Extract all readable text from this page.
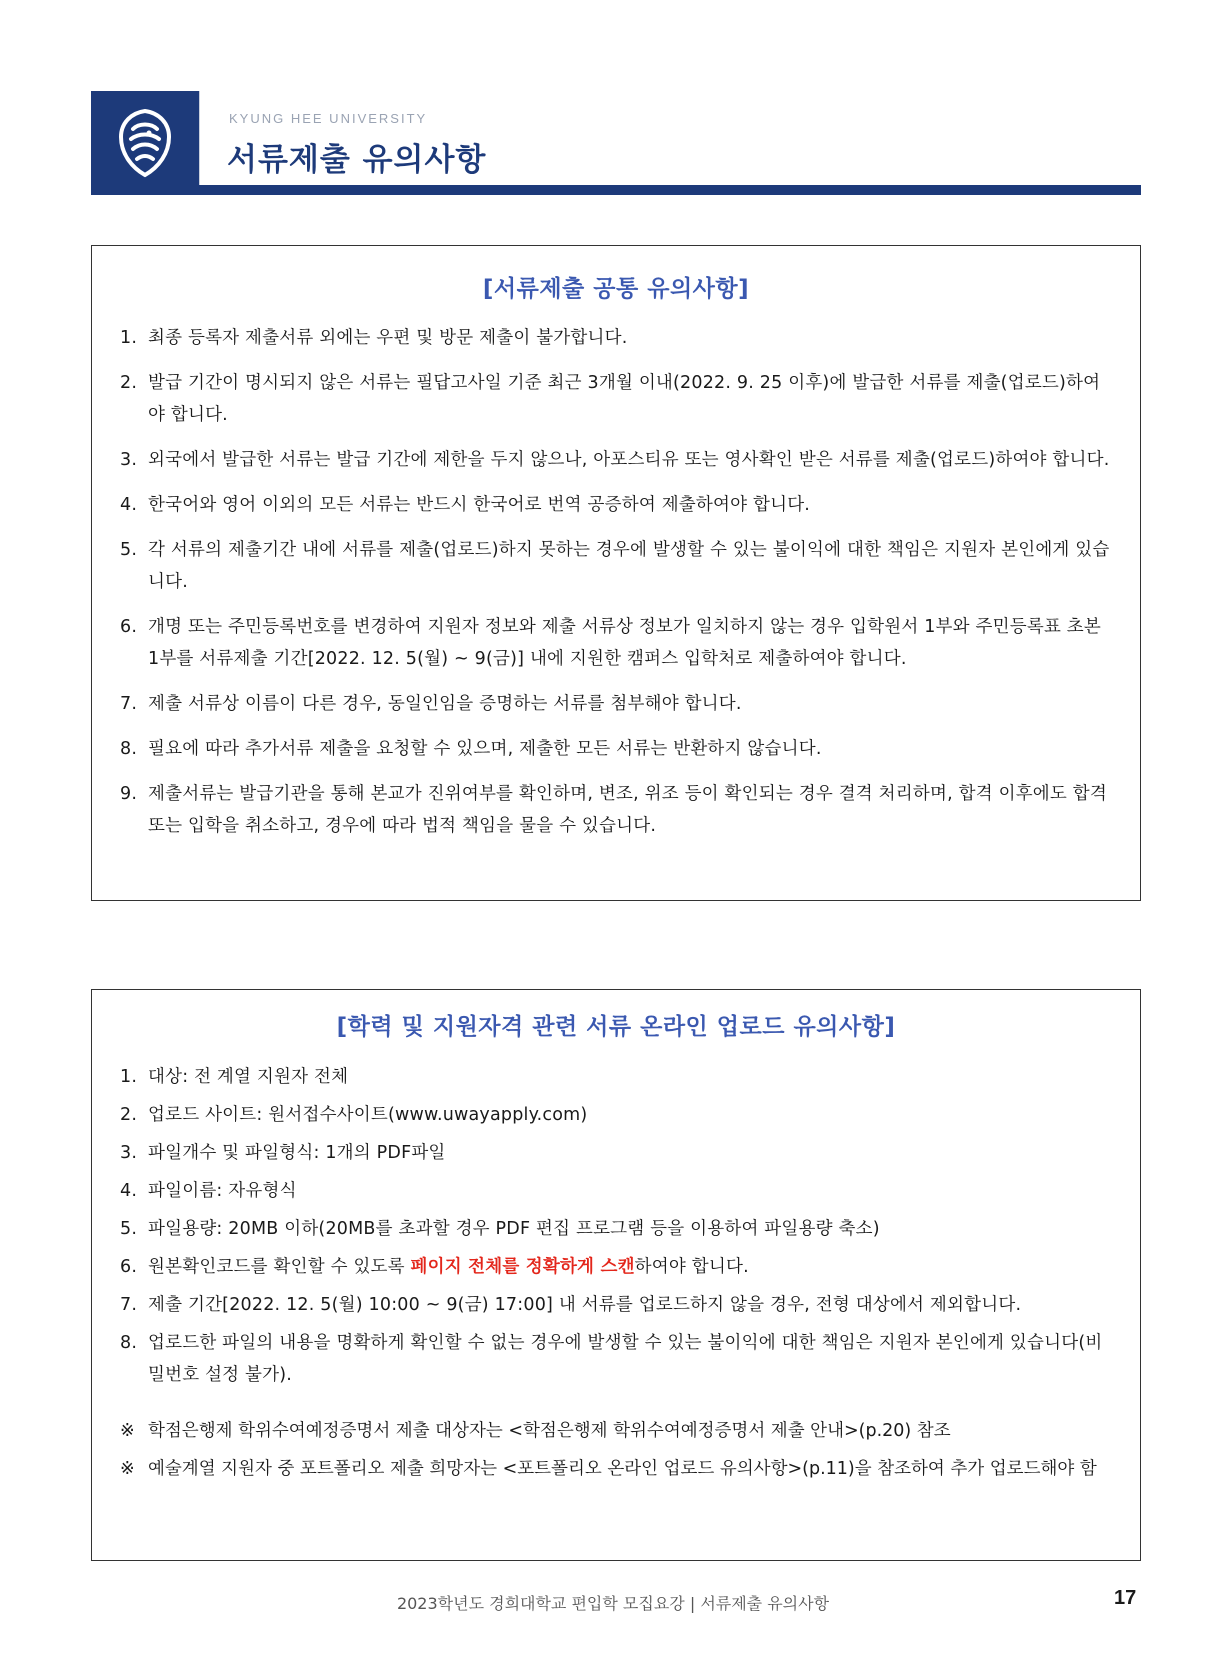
KYUNG HEE UNIVERSITY
서류제출 유의사항
[서류제출 공통 유의사항]
1. 최종 등록자 제출서류 외에는 우편 및 방문 제출이 불가합니다.
2. 발급 기간이 명시되지 않은 서류는 필답고사일 기준 최근 3개월 이내(2022. 9. 25 이후)에 발급한 서류를 제출(업로드)하여야 합니다.
3. 외국에서 발급한 서류는 발급 기간에 제한을 두지 않으나, 아포스티유 또는 영사확인 받은 서류를 제출(업로드)하여야 합니다.
4. 한국어와 영어 이외의 모든 서류는 반드시 한국어로 번역 공증하여 제출하여야 합니다.
5. 각 서류의 제출기간 내에 서류를 제출(업로드)하지 못하는 경우에 발생할 수 있는 불이익에 대한 책임은 지원자 본인에게 있습니다.
6. 개명 또는 주민등록번호를 변경하여 지원자 정보와 제출 서류상 정보가 일치하지 않는 경우 입학원서 1부와 주민등록표 초본 1부를 서류제출 기간[2022. 12. 5(월) ~ 9(금)] 내에 지원한 캠퍼스 입학처로 제출하여야 합니다.
7. 제출 서류상 이름이 다른 경우, 동일인임을 증명하는 서류를 첨부해야 합니다.
8. 필요에 따라 추가서류 제출을 요청할 수 있으며, 제출한 모든 서류는 반환하지 않습니다.
9. 제출서류는 발급기관을 통해 본교가 진위여부를 확인하며, 변조, 위조 등이 확인되는 경우 결격 처리하며, 합격 이후에도 합격 또는 입학을 취소하고, 경우에 따라 법적 책임을 물을 수 있습니다.
[학력 및 지원자격 관련 서류 온라인 업로드 유의사항]
1. 대상: 전 계열 지원자 전체
2. 업로드 사이트: 원서접수사이트(www.uwayapply.com)
3. 파일개수 및 파일형식: 1개의 PDF파일
4. 파일이름: 자유형식
5. 파일용량: 20MB 이하(20MB를 초과할 경우 PDF 편집 프로그램 등을 이용하여 파일용량 축소)
6. 원본확인코드를 확인할 수 있도록 페이지 전체를 정확하게 스캔하여야 합니다.
7. 제출 기간[2022. 12. 5(월) 10:00 ~ 9(금) 17:00] 내 서류를 업로드하지 않을 경우, 전형 대상에서 제외합니다.
8. 업로드한 파일의 내용을 명확하게 확인할 수 없는 경우에 발생할 수 있는 불이익에 대한 책임은 지원자 본인에게 있습니다(비밀번호 설정 불가).
※ 학점은행제 학위수여예정증명서 제출 대상자는 <학점은행제 학위수여예정증명서 제출 안내>(p.20) 참조
※ 예술계열 지원자 중 포트폴리오 제출 희망자는 <포트폴리오 온라인 업로드 유의사항>(p.11)을 참조하여 추가 업로드해야 함
2023학년도 경희대학교 편입학 모집요강 | 서류제출 유의사항	17
